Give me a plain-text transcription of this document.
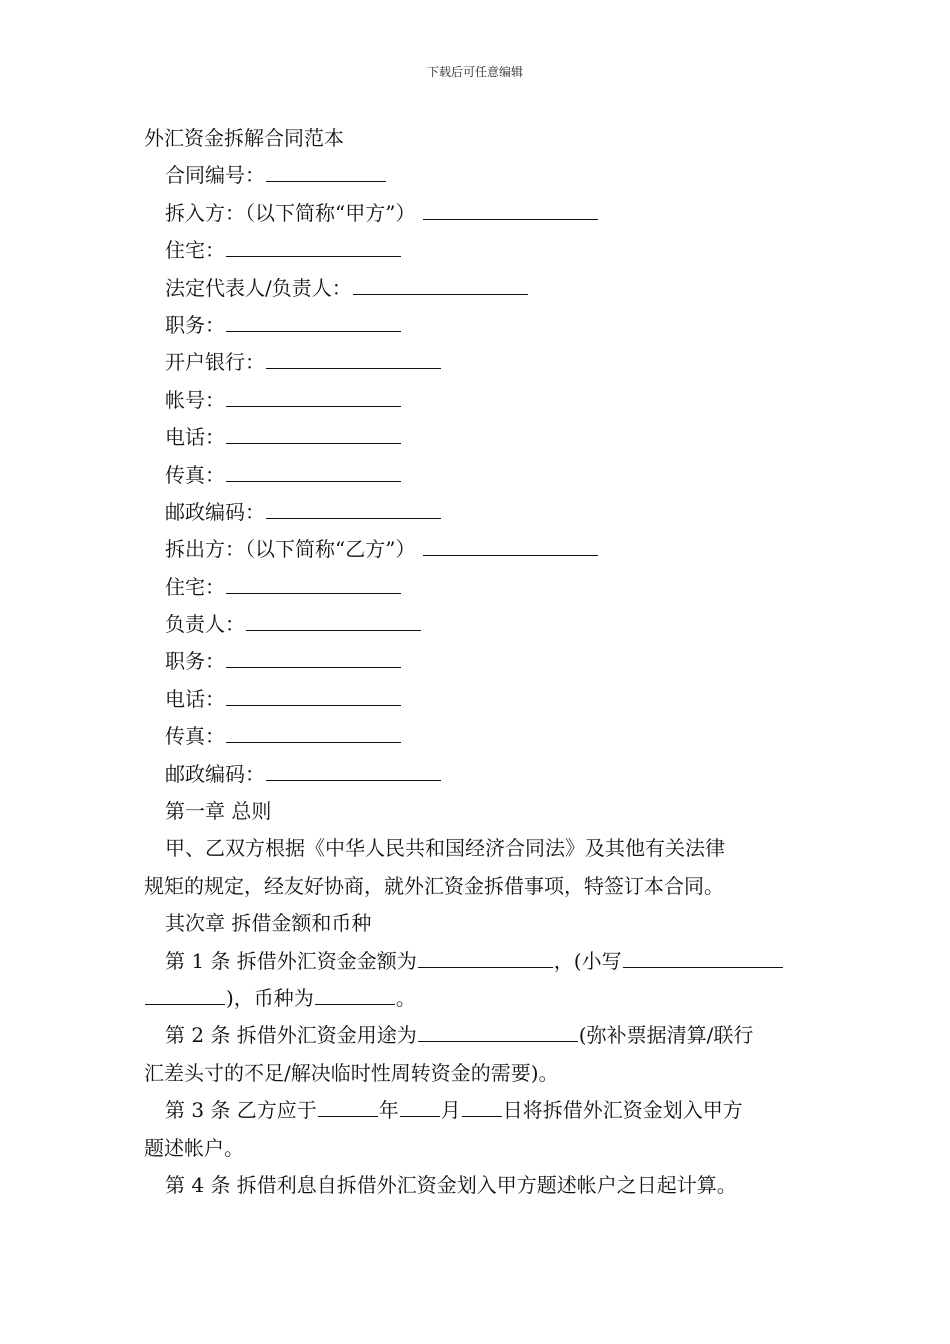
下载后可任意编辑
外汇资金拆解合同范本
合同编号：
拆入方：（以下简称“甲方”）
住宅：
法定代表人/负责人：
职务：
开户银行：
帐号：
电话：
传真：
邮政编码：
拆出方：（以下简称“乙方”）
住宅：
负责人：
职务：
电话：
传真：
邮政编码：
第一章 总则
甲、乙双方根据《中华人民共和国经济合同法》及其他有关法律
规矩的规定，经友好协商，就外汇资金拆借事项，特签订本合同。
其次章 拆借金额和币种
第 1 条 拆借外汇资金金额为	，(小写
)，币种为	。
第 2 条 拆借外汇资金用途为	(弥补票据清算/联行
汇差头寸的不足/解决临时性周转资金的需要)。
第 3 条 乙方应于	年 月 日将拆借外汇资金划入甲方
题述帐户。
第 4 条 拆借利息自拆借外汇资金划入甲方题述帐户之日起计算。
